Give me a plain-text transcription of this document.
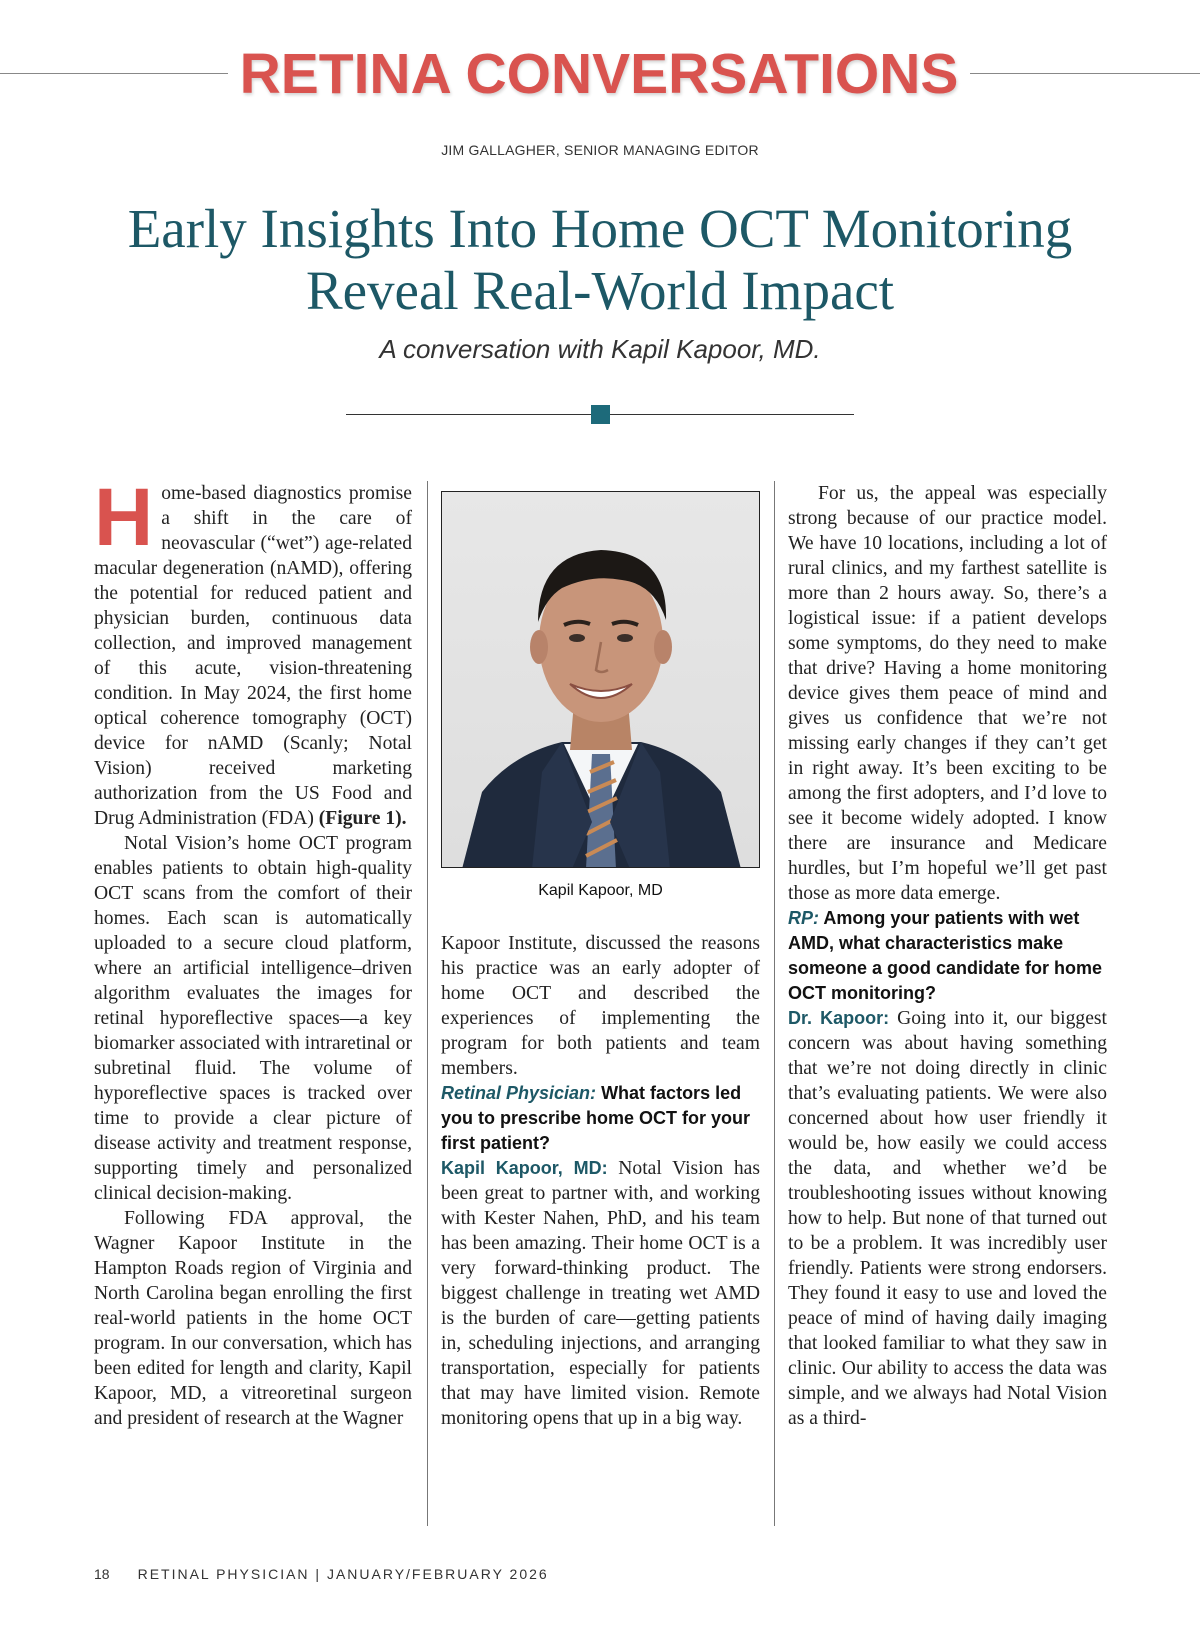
RETINA CONVERSATIONS
JIM GALLAGHER, SENIOR MANAGING EDITOR
Early Insights Into Home OCT Monitoring
Reveal Real-World Impact
A conversation with Kapil Kapoor, MD.

Home-based diagnostics promise a shift in the care of neovascular (“wet”) age-related macular degeneration (nAMD), offering the potential for reduced patient and physician burden, continuous data collection, and improved management of this acute, vision-threatening condition. In May 2024, the first home optical coherence tomography (OCT) device for nAMD (Scanly; Notal Vision) received marketing authorization from the US Food and Drug Administration (FDA) (Figure 1).

Notal Vision’s home OCT program enables patients to obtain high-quality OCT scans from the comfort of their homes. Each scan is automatically uploaded to a secure cloud platform, where an artificial intelligence–driven algorithm evaluates the images for retinal hyporeflective spaces—a key biomarker associated with intraretinal or subretinal fluid. The volume of hyporeflective spaces is tracked over time to provide a clear picture of disease activity and treatment response, supporting timely and personalized clinical decision-making.

Following FDA approval, the Wagner Kapoor Institute in the Hampton Roads region of Virginia and North Carolina began enrolling the first real-world patients in the home OCT program. In our conversation, which has been edited for length and clarity, Kapil Kapoor, MD, a vitreoretinal surgeon and president of research at the Wagner

Kapil Kapoor, MD

Kapoor Institute, discussed the reasons his practice was an early adopter of home OCT and described the experiences of implementing the program for both patients and team members.

Retinal Physician: What factors led you to prescribe home OCT for your first patient?

Kapil Kapoor, MD: Notal Vision has been great to partner with, and working with Kester Nahen, PhD, and his team has been amazing. Their home OCT is a very forward-thinking product. The biggest challenge in treating wet AMD is the burden of care—getting patients in, scheduling injections, and arranging transportation, especially for patients that may have limited vision. Remote monitoring opens that up in a big way.

For us, the appeal was especially strong because of our practice model. We have 10 locations, including a lot of rural clinics, and my farthest satellite is more than 2 hours away. So, there’s a logistical issue: if a patient develops some symptoms, do they need to make that drive? Having a home monitoring device gives them peace of mind and gives us confidence that we’re not missing early changes if they can’t get in right away. It’s been exciting to be among the first adopters, and I’d love to see it become widely adopted. I know there are insurance and Medicare hurdles, but I’m hopeful we’ll get past those as more data emerge.

RP: Among your patients with wet AMD, what characteristics make someone a good candidate for home OCT monitoring?

Dr. Kapoor: Going into it, our biggest concern was about having something that we’re not doing directly in clinic that’s evaluating patients. We were also concerned about how user friendly it would be, how easily we could access the data, and whether we’d be troubleshooting issues without knowing how to help. But none of that turned out to be a problem. It was incredibly user friendly. Patients were strong endorsers. They found it easy to use and loved the peace of mind of having daily imaging that looked familiar to what they saw in clinic. Our ability to access the data was simple, and we always had Notal Vision as a third-

18 RETINAL PHYSICIAN | JANUARY/FEBRUARY 2026
